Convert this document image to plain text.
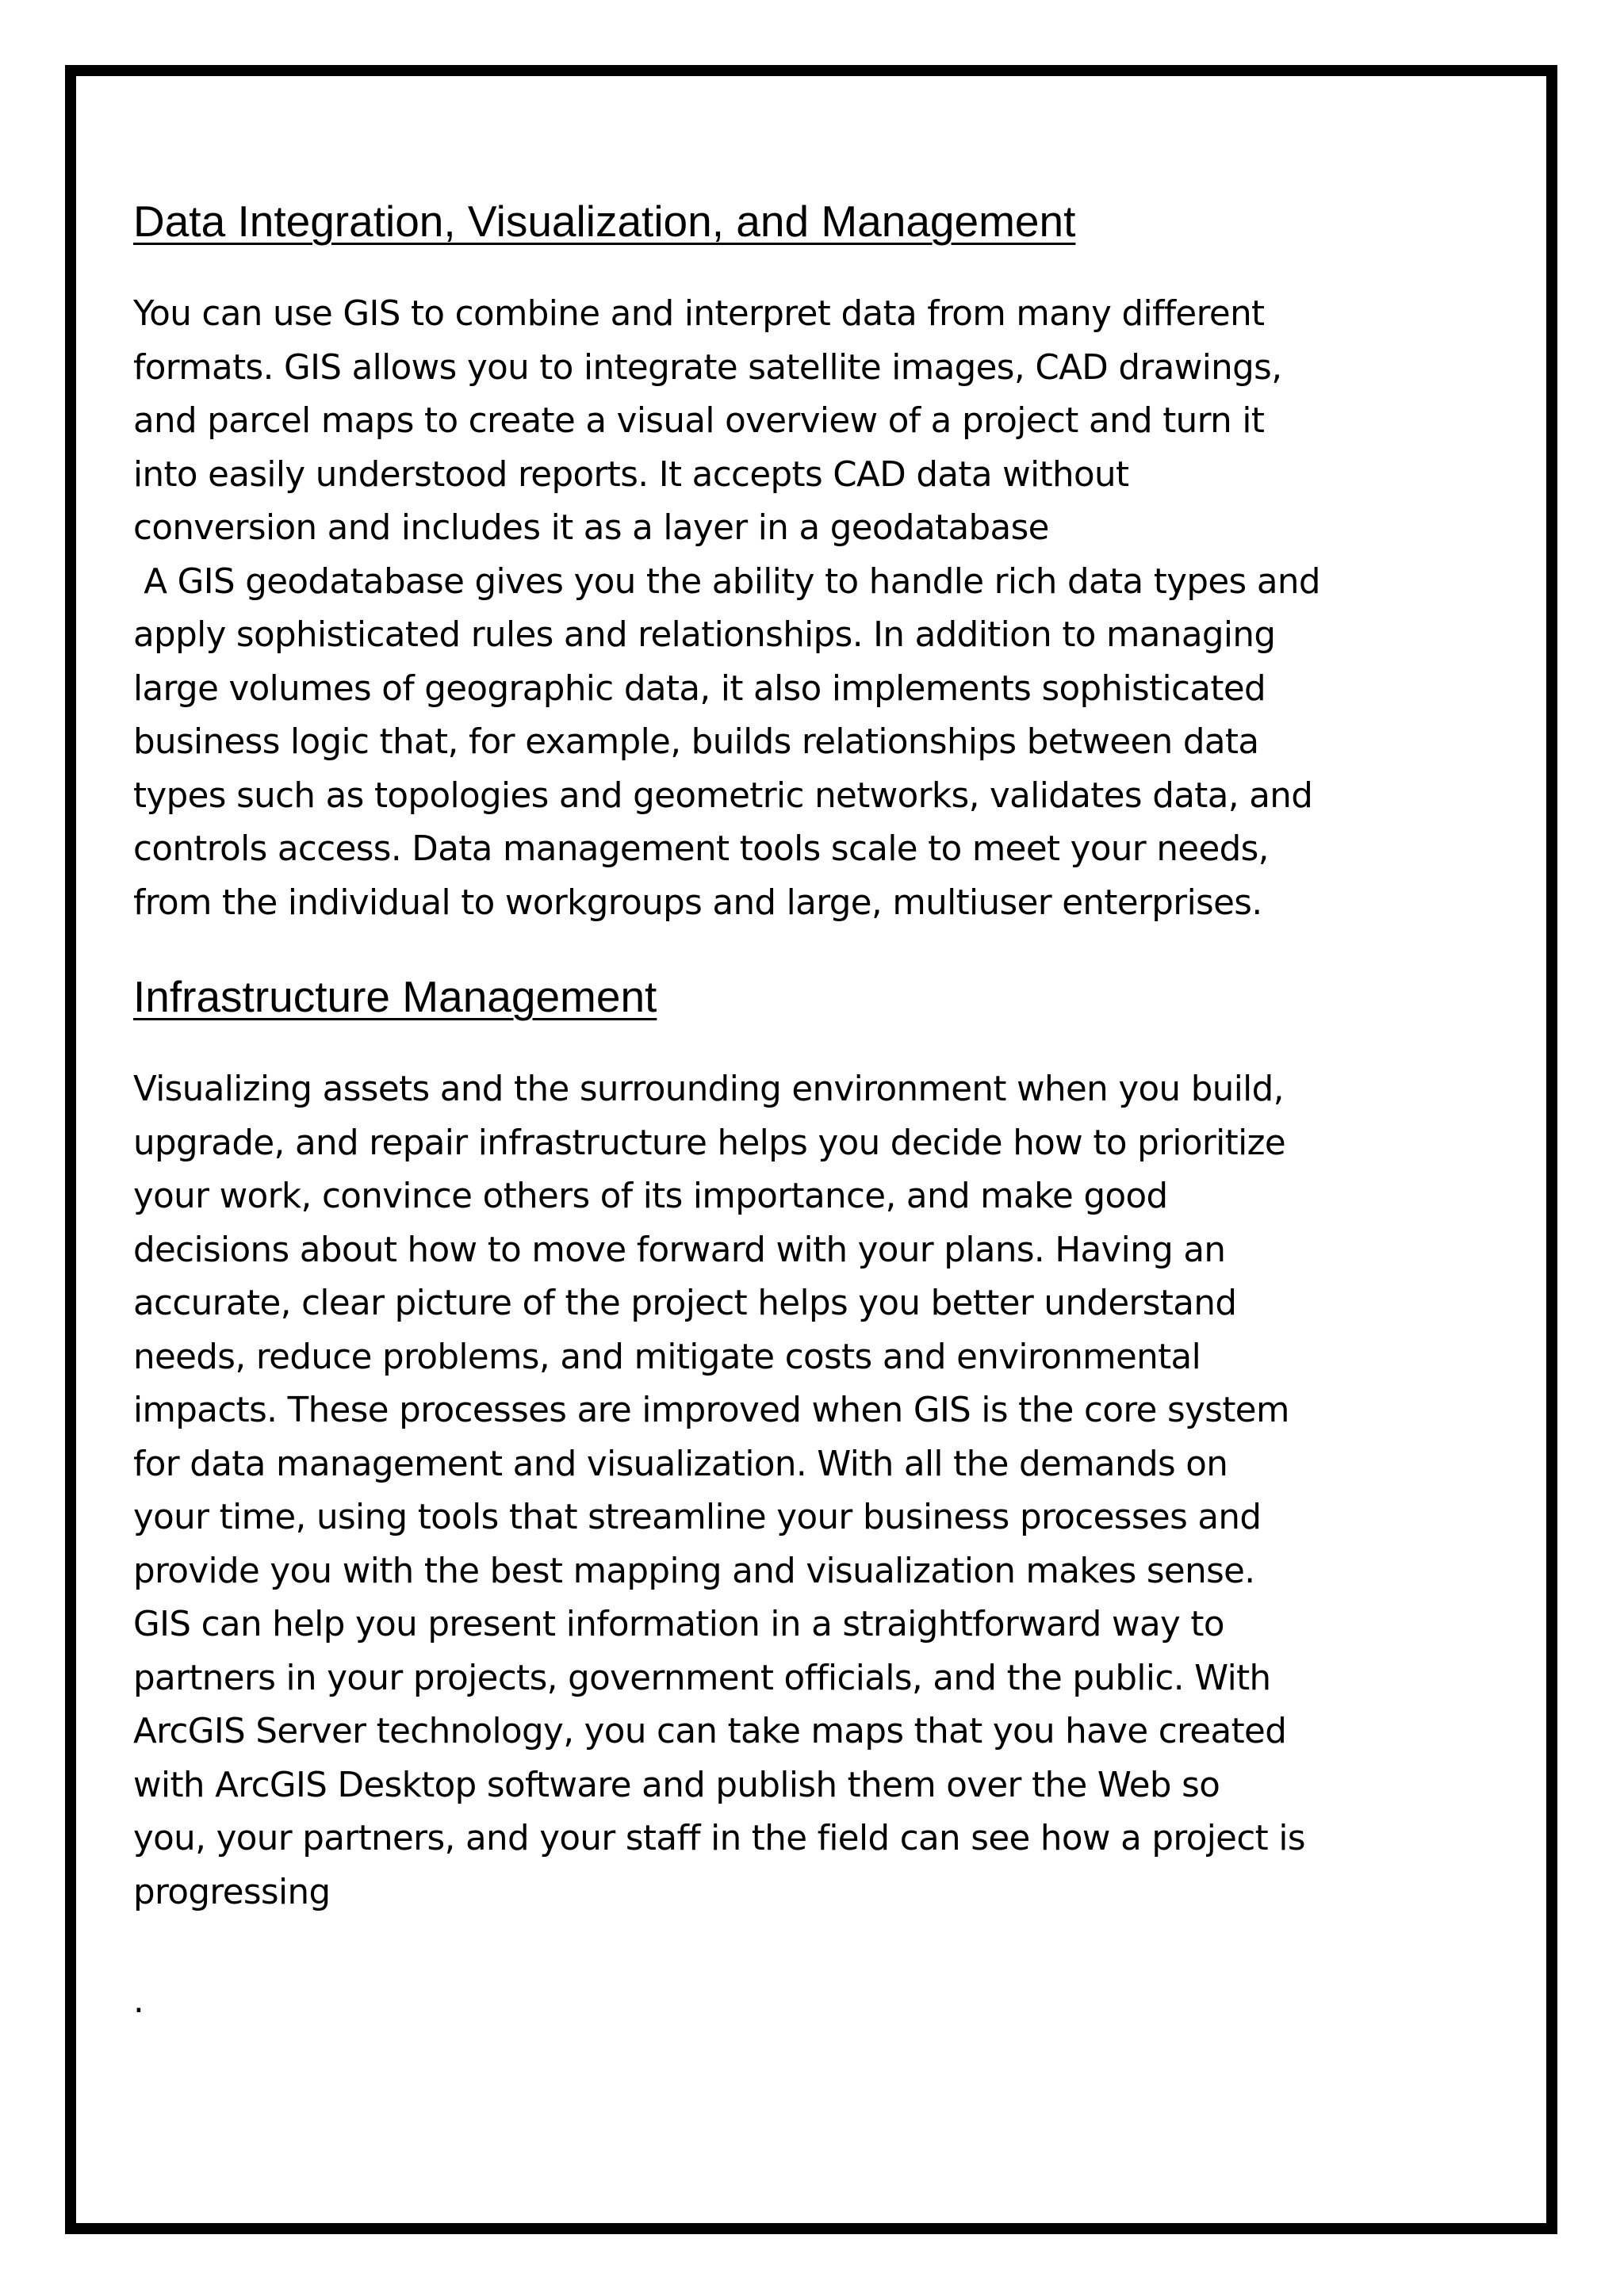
Data Integration, Visualization, and Management
You can use GIS to combine and interpret data from many different
formats. GIS allows you to integrate satellite images, CAD drawings,
and parcel maps to create a visual overview of a project and turn it
into easily understood reports. It accepts CAD data without
conversion and includes it as a layer in a geodatabase
A GIS geodatabase gives you the ability to handle rich data types and
apply sophisticated rules and relationships. In addition to managing
large volumes of geographic data, it also implements sophisticated
business logic that, for example, builds relationships between data
types such as topologies and geometric networks, validates data, and
controls access. Data management tools scale to meet your needs,
from the individual to workgroups and large, multiuser enterprises.
Infrastructure Management
Visualizing assets and the surrounding environment when you build,
upgrade, and repair infrastructure helps you decide how to prioritize
your work, convince others of its importance, and make good
decisions about how to move forward with your plans. Having an
accurate, clear picture of the project helps you better understand
needs, reduce problems, and mitigate costs and environmental
impacts. These processes are improved when GIS is the core system
for data management and visualization. With all the demands on
your time, using tools that streamline your business processes and
provide you with the best mapping and visualization makes sense.
GIS can help you present information in a straightforward way to
partners in your projects, government officials, and the public. With
ArcGIS Server technology, you can take maps that you have created
with ArcGIS Desktop software and publish them over the Web so
you, your partners, and your staff in the field can see how a project is
progressing
.
